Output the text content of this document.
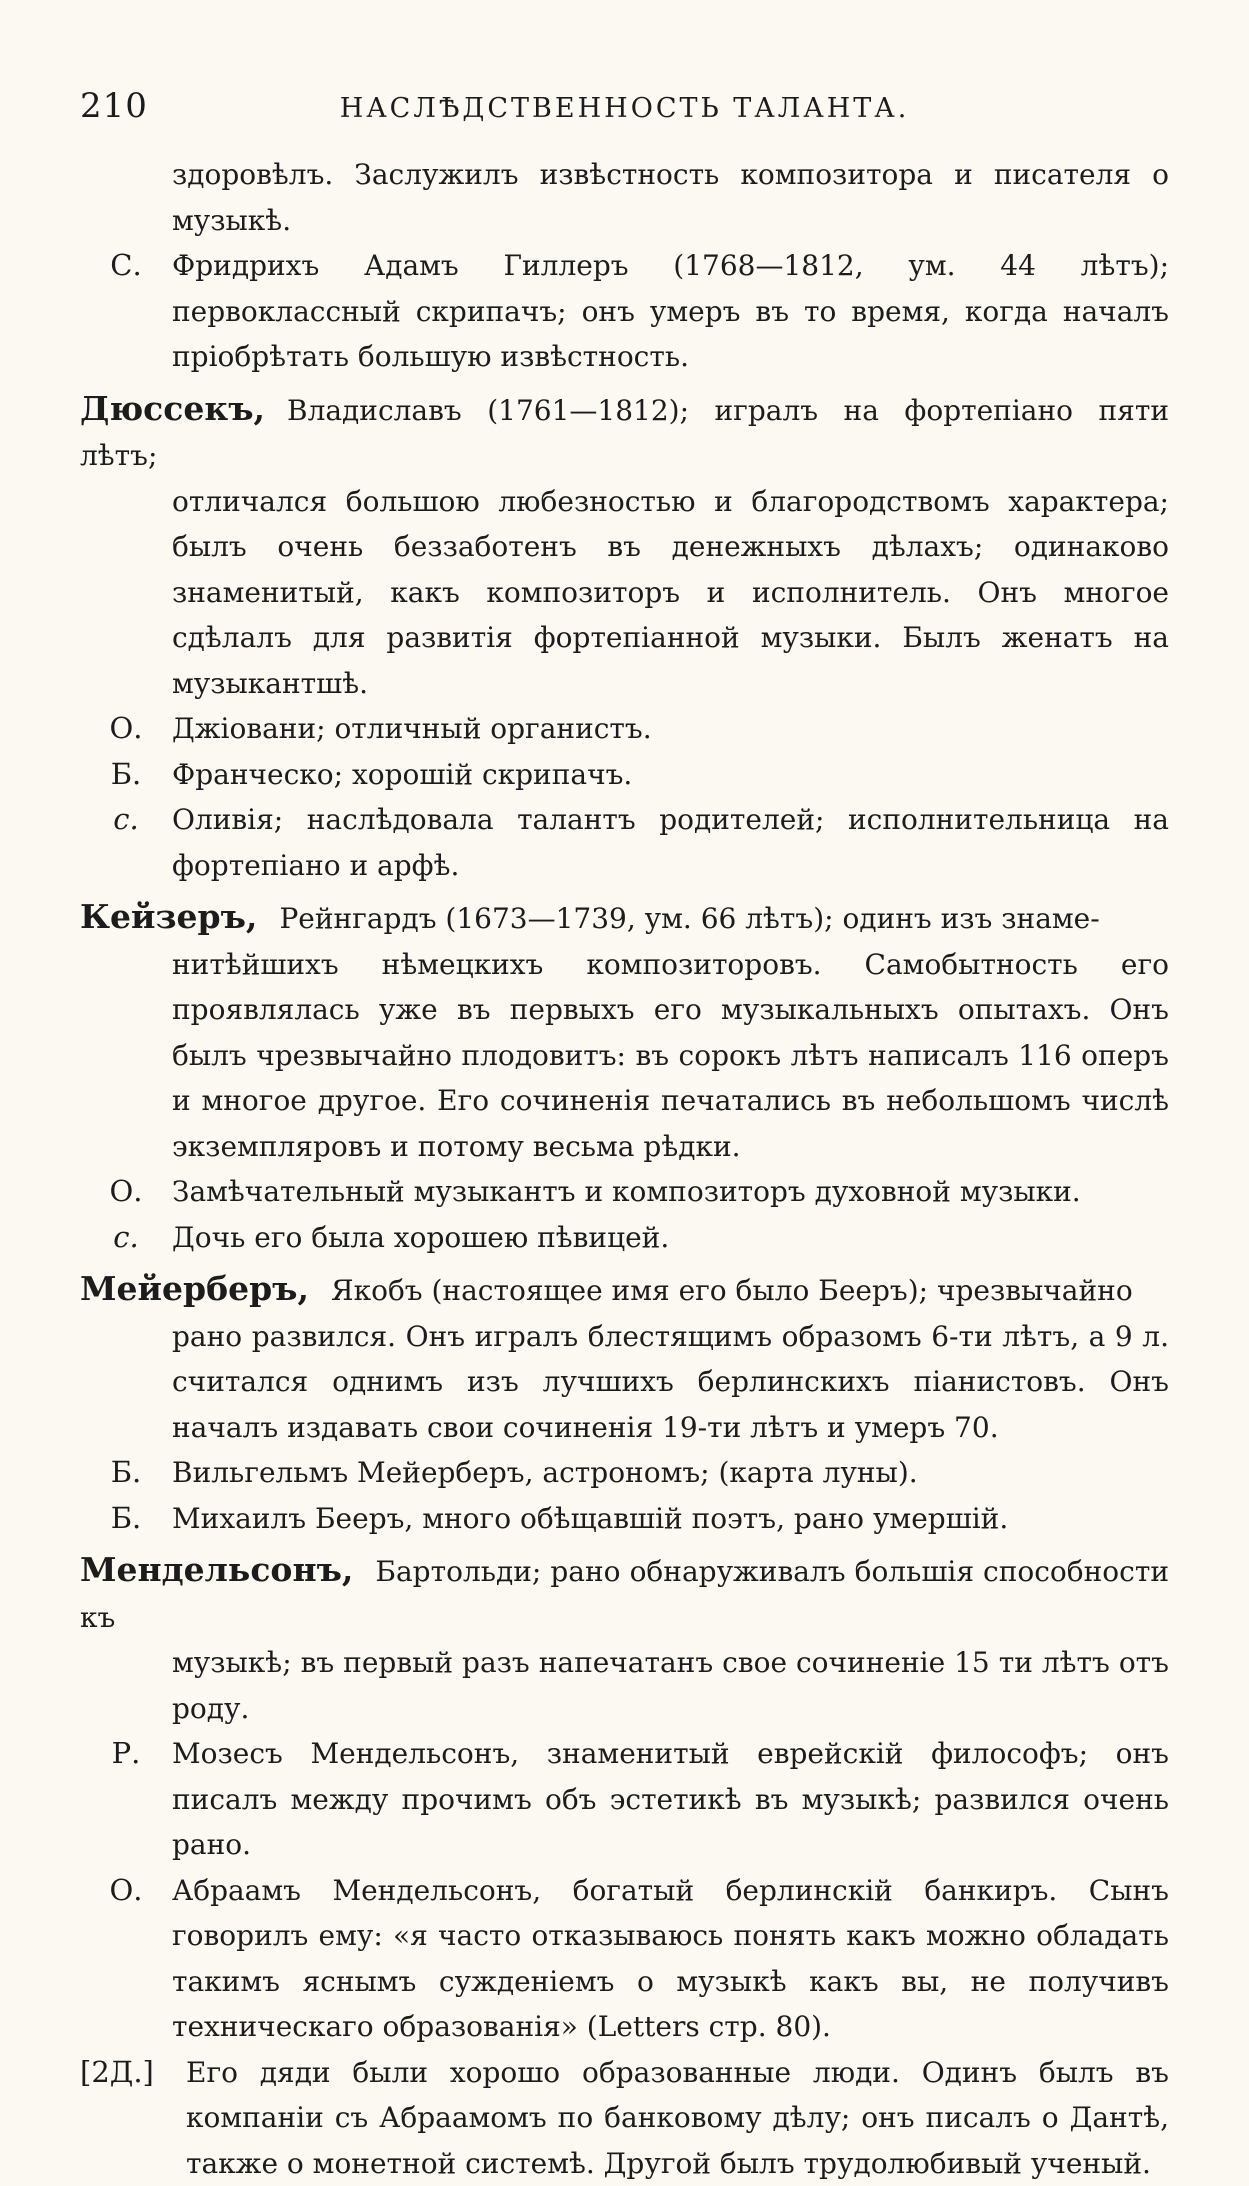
210	НАСЛѢДСТВЕННОСТЬ ТАЛАНТА.
здоровѣлъ. Заслужилъ извѣстность композитора и писателя о музыкѣ.
С.	Фридрихъ Адамъ Гиллеръ (1768—1812, ум. 44 лѣтъ); первоклассный скрипачъ; онъ умеръ въ то время, когда началъ пріобрѣтать большую извѣстность.
Дюссекъ, Владиславъ (1761—1812); игралъ на фортепіано пяти лѣтъ;
отличался большою любезностью и благородствомъ характера; былъ очень беззаботенъ въ денежныхъ дѣлахъ; одинаково знаменитый, какъ композиторъ и исполнитель. Онъ многое сдѣлалъ для развитія фортепіанной музыки. Былъ женатъ на музыкантшѣ.
О.	Джіовани; отличный органистъ.
Б.	Франческо; хорошій скрипачъ.
с.	Оливія; наслѣдовала талантъ родителей; исполнительница на фортепіано и арфѣ.
Кейзеръ, Рейнгардъ (1673—1739, ум. 66 лѣтъ); одинъ изъ знаме-
нитѣйшихъ нѣмецкихъ композиторовъ. Самобытность его проявлялась уже въ первыхъ его музыкальныхъ опытахъ. Онъ былъ чрезвычайно плодовитъ: въ сорокъ лѣтъ написалъ 116 оперъ и многое другое. Его сочиненія печатались въ небольшомъ числѣ экземпляровъ и потому весьма рѣдки.
О.	Замѣчательный музыкантъ и композиторъ духовной музыки.
с.	Дочь его была хорошею пѣвицей.
Мейерберъ, Якобъ (настоящее имя его было Бееръ); чрезвычайно
рано развился. Онъ игралъ блестящимъ образомъ 6-ти лѣтъ, а 9 л. считался однимъ изъ лучшихъ берлинскихъ піанистовъ. Онъ началъ издавать свои сочиненія 19-ти лѣтъ и умеръ 70.
Б.	Вильгельмъ Мейерберъ, астрономъ; (карта луны).
Б.	Михаилъ Бееръ, много обѣщавшій поэтъ, рано умершій.
Мендельсонъ, Бартольди; рано обнаруживалъ большія способности къ
музыкѣ; въ первый разъ напечатанъ свое сочиненіе 15 ти лѣтъ отъ роду.
Р.	Мозесъ Мендельсонъ, знаменитый еврейскій философъ; онъ писалъ между прочимъ объ эстетикѣ въ музыкѣ; развился очень рано.
О.	Абраамъ Мендельсонъ, богатый берлинскій банкиръ. Сынъ говорилъ ему: «я часто отказываюсь понять какъ можно обладать такимъ яснымъ сужденіемъ о музыкѣ какъ вы, не получивъ техническаго образованія» (Letters стр. 80).
[2Д.]	Его дяди были хорошо образованные люди. Одинъ былъ въ компаніи съ Абраамомъ по банковому дѣлу; онъ писалъ о Дантѣ, также о монетной системѣ. Другой былъ трудолюбивый ученый.
